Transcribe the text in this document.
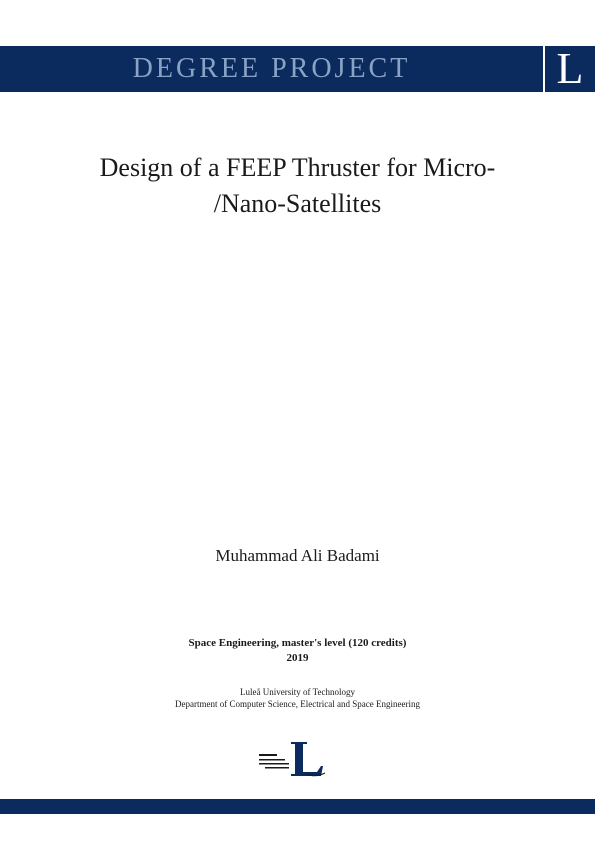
DEGREE PROJECT	L
Design of a FEEP Thruster for Micro-
/Nano-Satellites
Muhammad Ali Badami
Space Engineering, master's level (120 credits)
2019
Luleå University of Technology
Department of Computer Science, Electrical and Space Engineering
